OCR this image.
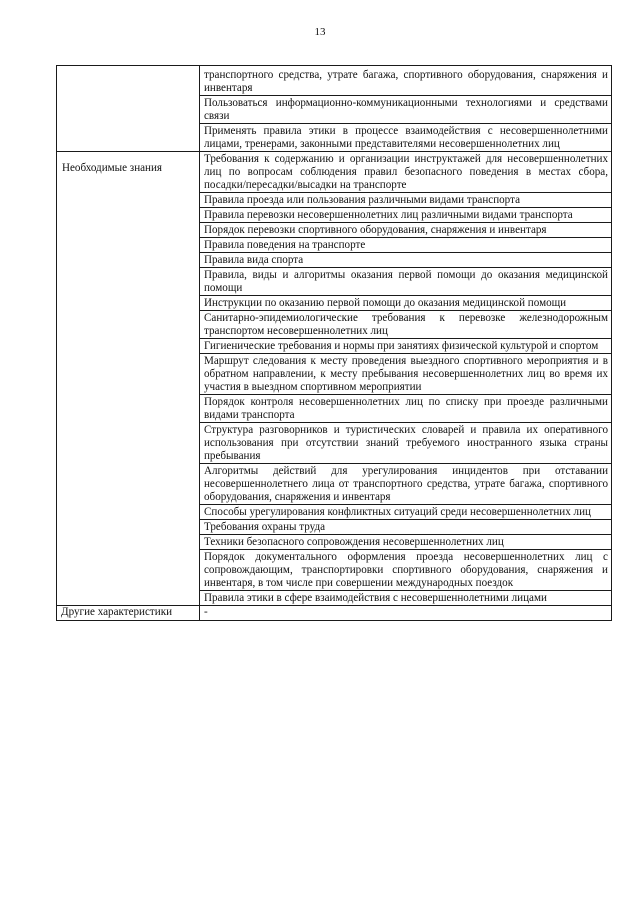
13
	транспортного средства, утрате багажа, спортивного оборудования, снаряжения и инвентаря
	Пользоваться информационно-коммуникационными технологиями и средствами связи
	Применять правила этики в процессе взаимодействия с несовершеннолетними лицами, тренерами, законными представителями несовершеннолетних лиц
Необходимые знания	Требования к содержанию и организации инструктажей для несовершеннолетних лиц по вопросам соблюдения правил безопасного поведения в местах сбора, посадки/пересадки/высадки на транспорте
	Правила проезда или пользования различными видами транспорта
	Правила перевозки несовершеннолетних лиц различными видами транспорта
	Порядок перевозки спортивного оборудования, снаряжения и инвентаря
	Правила поведения на транспорте
	Правила вида спорта
	Правила, виды и алгоритмы оказания первой помощи до оказания медицинской помощи
	Инструкции по оказанию первой помощи до оказания медицинской помощи
	Санитарно-эпидемиологические требования к перевозке железнодорожным транспортом несовершеннолетних лиц
	Гигиенические требования и нормы при занятиях физической культурой и спортом
	Маршрут следования к месту проведения выездного спортивного мероприятия и в обратном направлении, к месту пребывания несовершеннолетних лиц во время их участия в выездном спортивном мероприятии
	Порядок контроля несовершеннолетних лиц по списку при проезде различными видами транспорта
	Структура разговорников и туристических словарей и правила их оперативного использования при отсутствии знаний требуемого иностранного языка страны пребывания
	Алгоритмы действий для урегулирования инцидентов при отставании несовершеннолетнего лица от транспортного средства, утрате багажа, спортивного оборудования, снаряжения и инвентаря
	Способы урегулирования конфликтных ситуаций среди несовершеннолетних лиц
	Требования охраны труда
	Техники безопасного сопровождения несовершеннолетних лиц
	Порядок документального оформления проезда несовершеннолетних лиц с сопровождающим, транспортировки спортивного оборудования, снаряжения и инвентаря, в том числе при совершении международных поездок
	Правила этики в сфере взаимодействия с несовершеннолетними лицами
Другие характеристики	-
